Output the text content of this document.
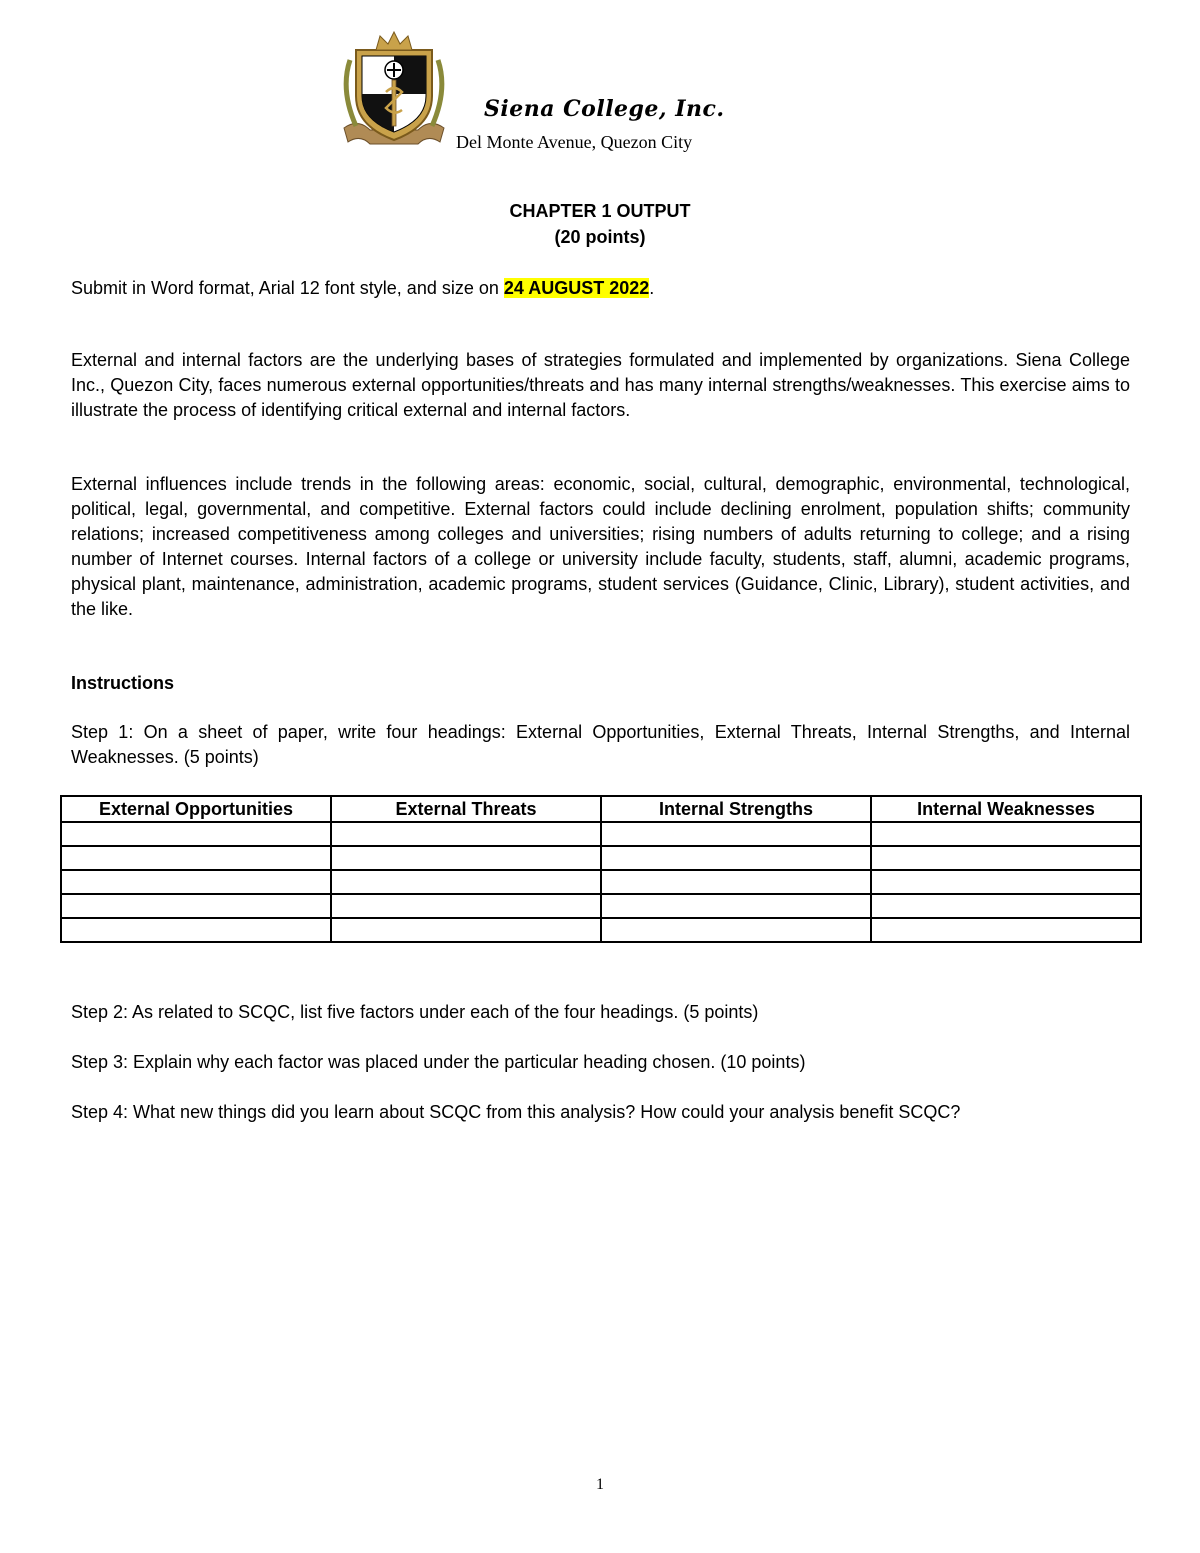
Siena College, Inc.
Del Monte Avenue, Quezon City
CHAPTER 1 OUTPUT
(20 points)
Submit in Word format, Arial 12 font style, and size on 24 AUGUST 2022.
External and internal factors are the underlying bases of strategies formulated and implemented by organizations. Siena College Inc., Quezon City, faces numerous external opportunities/threats and has many internal strengths/weaknesses. This exercise aims to illustrate the process of identifying critical external and internal factors.
External influences include trends in the following areas: economic, social, cultural, demographic, environmental, technological, political, legal, governmental, and competitive. External factors could include declining enrolment, population shifts; community relations; increased competitiveness among colleges and universities; rising numbers of adults returning to college; and a rising number of Internet courses. Internal factors of a college or university include faculty, students, staff, alumni, academic programs, physical plant, maintenance, administration, academic programs, student services (Guidance, Clinic, Library), student activities, and the like.
Instructions
Step 1: On a sheet of paper, write four headings: External Opportunities, External Threats, Internal Strengths, and Internal Weaknesses. (5 points)
External Opportunities	External Threats	Internal Strengths	Internal Weaknesses

Step 2: As related to SCQC, list five factors under each of the four headings. (5 points)
Step 3: Explain why each factor was placed under the particular heading chosen. (10 points)
Step 4: What new things did you learn about SCQC from this analysis? How could your analysis benefit SCQC?
1
